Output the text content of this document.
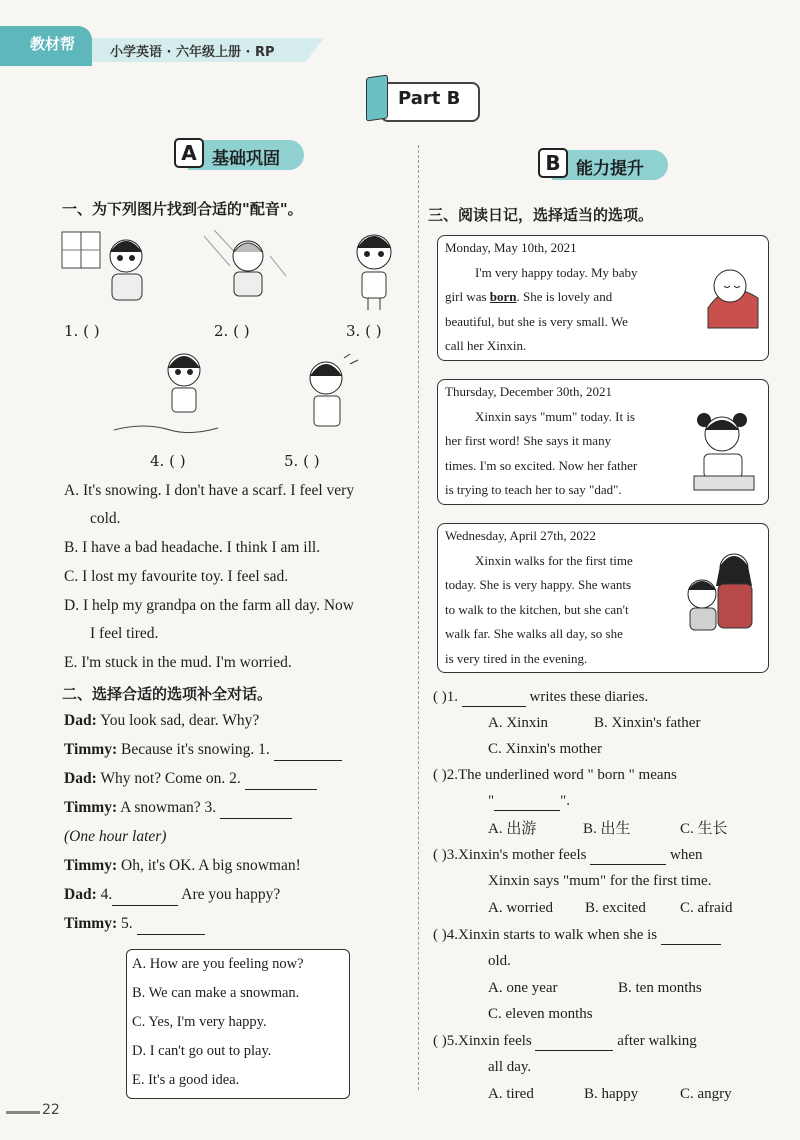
教材帮	小学英语 · 六年级上册 · RP
Part B
A 基础巩固	B 能力提升
一、为下列图片找到合适的"配音"。
1. ( )	2. ( )	3. ( )
4. ( )	5. ( )
A. It's snowing. I don't have a scarf. I feel very
cold.
B. I have a bad headache. I think I am ill.
C. I lost my favourite toy. I feel sad.
D. I help my grandpa on the farm all day. Now
I feel tired.
E. I'm stuck in the mud. I'm worried.
二、选择合适的选项补全对话。
Dad: You look sad, dear. Why?
Timmy: Because it's snowing. 1.
Dad: Why not? Come on. 2.
Timmy: A snowman? 3.
(One hour later)
Timmy: Oh, it's OK. A big snowman!
Dad: 4.	Are you happy?
Timmy: 5.
A. How are you feeling now?
B. We can make a snowman.
C. Yes, I'm very happy.
D. I can't go out to play.
E. It's a good idea.
三、阅读日记，选择适当的选项。
Monday, May 10th, 2021
I'm very happy today. My baby
girl was born. She is lovely and
beautiful, but she is very small. We
call her Xinxin.
Thursday, December 30th, 2021
Xinxin says "mum" today. It is
her first word! She says it many
times. I'm so excited. Now her father
is trying to teach her to say "dad".
Wednesday, April 27th, 2022
Xinxin walks for the first time
today. She is very happy. She wants
to walk to the kitchen, but she can't
walk far. She walks all day, so she
is very tired in the evening.
( )1.	writes these diaries.
A. Xinxin	B. Xinxin's father
C. Xinxin's mother
( )2.The underlined word " born " means
"	".
A. 出游	B. 出生	C. 生长
( )3.Xinxin's mother feels	when
Xinxin says "mum" for the first time.
A. worried B. excited C. afraid
( )4.Xinxin starts to walk when she is
old.
A. one year	B. ten months
C. eleven months
( )5.Xinxin feels	after walking
all day.
A. tired	B. happy	C. angry
22
